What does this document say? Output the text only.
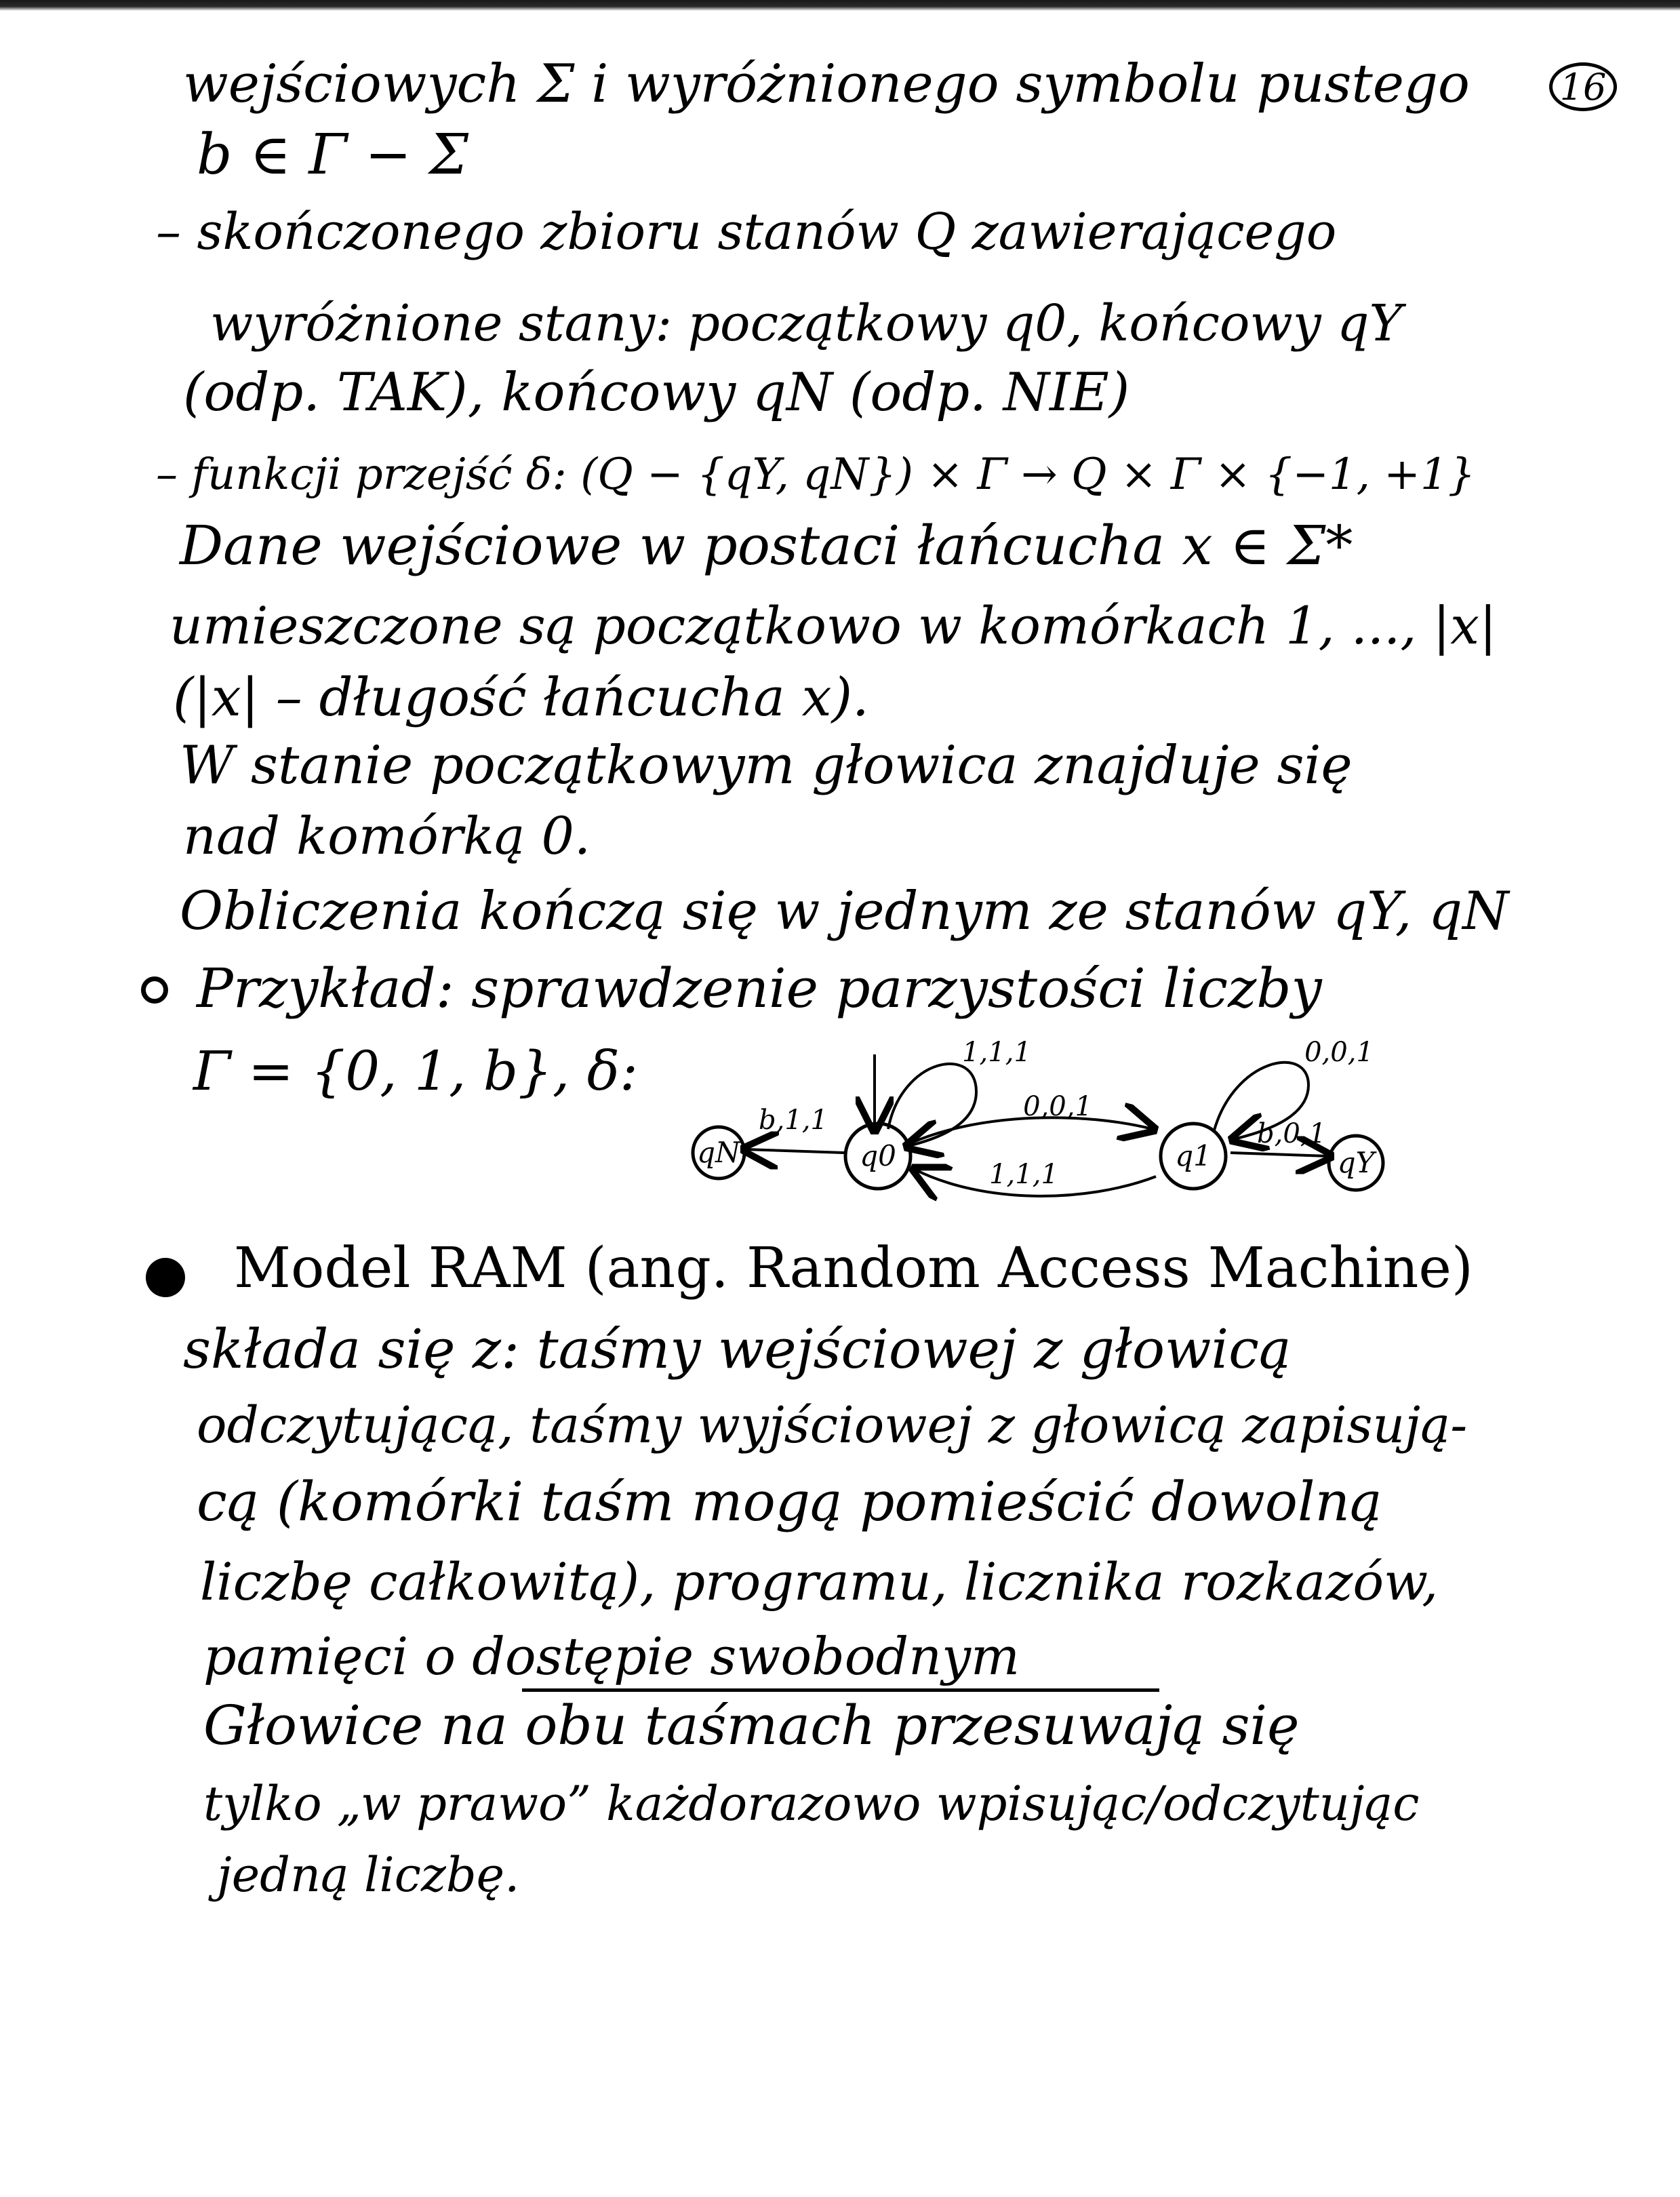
16
wejściowych Σ i wyróżnionego symbolu pustego
b ∈ Γ − Σ
– skończonego zbioru stanów Q zawierającego
wyróżnione stany: początkowy q0, końcowy qY
(odp. TAK), końcowy qN (odp. NIE)
– funkcji przejść δ: (Q − {qY, qN}) × Γ → Q × Γ × {−1, +1}
Dane wejściowe w postaci łańcucha x ∈ Σ*
umieszczone są początkowo w komórkach 1, ..., |x|
(|x| – długość łańcucha x).
W stanie początkowym głowica znajduje się
nad komórką 0.
Obliczenia kończą się w jednym ze stanów qY, qN
Przykład: sprawdzenie parzystości liczby
Γ = {0, 1, b}, δ:
qN	q0	q1	qY
b,1,1
1,1,1
0,0,1
1,1,1
0,0,1
b,0,1
Model RAM (ang. Random Access Machine)
składa się z: taśmy wejściowej z głowicą
odczytującą, taśmy wyjściowej z głowicą zapisują-
cą (komórki taśm mogą pomieścić dowolną
liczbę całkowitą), programu, licznika rozkazów,
pamięci o dostępie swobodnym
Głowice na obu taśmach przesuwają się
tylko „w prawo” każdorazowo wpisując/odczytując
jedną liczbę.
